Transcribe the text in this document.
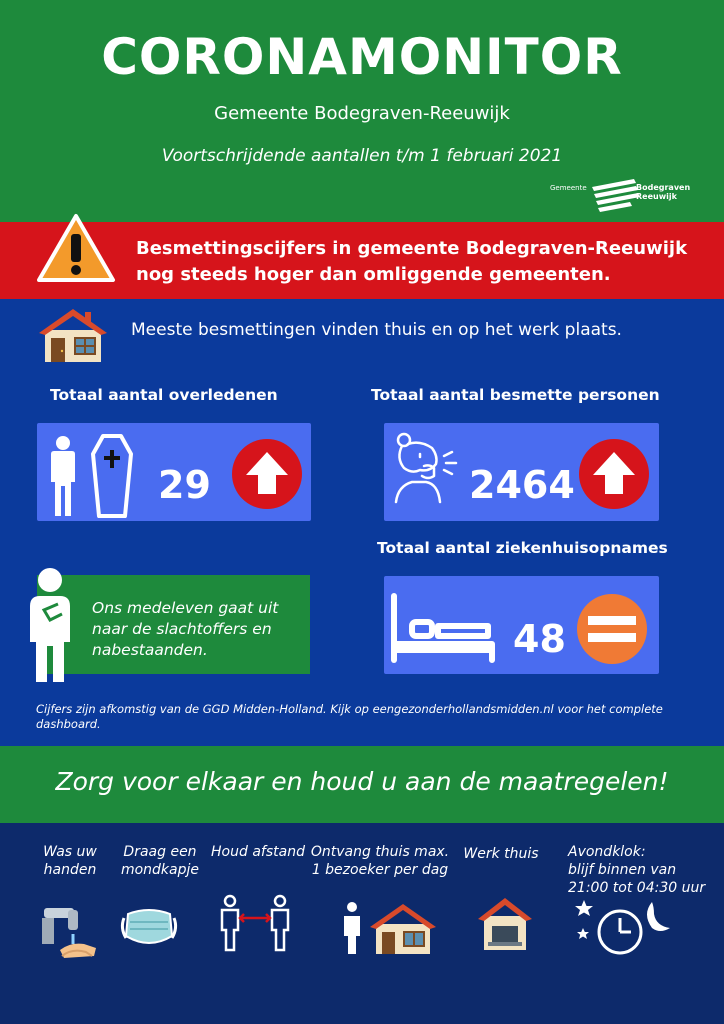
CORONAMONITOR
Gemeente Bodegraven-Reeuwijk
Voortschrijdende aantallen t/m 1 februari 2021
Gemeente	Bodegraven Reeuwijk
Besmettingscijfers in gemeente Bodegraven-Reeuwijk
nog steeds hoger dan omliggende gemeenten.
Meeste besmettingen vinden thuis en op het werk plaats.
Totaal aantal overledenen	Totaal aantal besmette personen
29	2464
Totaal aantal ziekenhuisopnames
48
Ons medeleven gaat uit
naar de slachtoffers en
nabestaanden.
Cijfers zijn afkomstig van de GGD Midden-Holland. Kijk op eengezonderhollandsmidden.nl voor het complete dashboard.
Zorg voor elkaar en houd u aan de maatregelen!
Was uw
handen
Draag een
mondkapje
Houd afstand Ontvang thuis max.
1 bezoeker per dag
Werk thuis	Avondklok:
blijf binnen van
21:00 tot 04:30 uur
